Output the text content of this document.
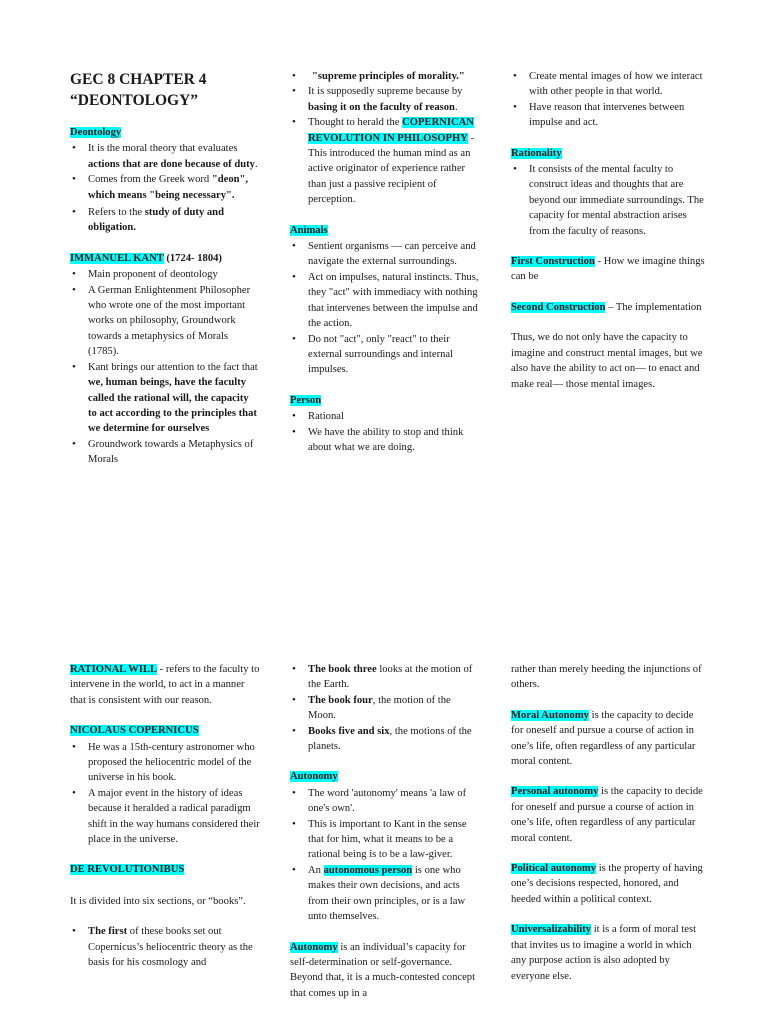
GEC 8 CHAPTER 4
“DEONTOLOGY”
Deontology
• It is the moral theory that evaluates actions that are done because of duty.
• Comes from the Greek word "deon", which means "being necessary".
• Refers to the study of duty and obligation.
IMMANUEL KANT (1724- 1804)
• Main proponent of deontology
• A German Enlightenment Philosopher who wrote one of the most important works on philosophy, Groundwork towards a metaphysics of Morals (1785).
• Kant brings our attention to the fact that we, human beings, have the faculty called the rational will, the capacity to act according to the principles that we determine for ourselves
• Groundwork towards a Metaphysics of Morals
• "supreme principles of morality."
• It is supposedly supreme because by basing it on the faculty of reason.
• Thought to herald the COPERNICAN REVOLUTION IN PHILOSOPHY - This introduced the human mind as an active originator of experience rather than just a passive recipient of perception.
Animals
• Sentient organisms — can perceive and navigate the external surroundings.
• Act on impulses, natural instincts. Thus, they "act" with immediacy with nothing that intervenes between the impulse and the action.
• Do not "act", only "react" to their external surroundings and internal impulses.
Person
• Rational
• We have the ability to stop and think about what we are doing.
• Create mental images of how we interact with other people in that world.
• Have reason that intervenes between impulse and act.
Rationality
• It consists of the mental faculty to construct ideas and thoughts that are beyond our immediate surroundings. The capacity for mental abstraction arises from the faculty of reasons.
First Construction - How we imagine things can be
Second Construction – The implementation
Thus, we do not only have the capacity to imagine and construct mental images, but we also have the ability to act on— to enact and make real— those mental images.
RATIONAL WILL - refers to the faculty to intervene in the world, to act in a manner that is consistent with our reason.
NICOLAUS COPERNICUS
• He was a 15th-century astronomer who proposed the heliocentric model of the universe in his book.
• A major event in the history of ideas because it heralded a radical paradigm shift in the way humans considered their place in the universe.
DE REVOLUTIONIBUS
It is divided into six sections, or “books”.
• The first of these books set out Copernicus’s heliocentric theory as the basis for his cosmology and
• The book three looks at the motion of the Earth.
• The book four, the motion of the Moon.
• Books five and six, the motions of the planets.
Autonomy
• The word 'autonomy' means 'a law of one's own'.
• This is important to Kant in the sense that for him, what it means to be a rational being is to be a law-giver.
• An autonomous person is one who makes their own decisions, and acts from their own principles, or is a law unto themselves.
Autonomy is an individual’s capacity for self-determination or self-governance. Beyond that, it is a much-contested concept that comes up in a
rather than merely heeding the injunctions of others.
Moral Autonomy is the capacity to decide for oneself and pursue a course of action in one’s life, often regardless of any particular moral content.
Personal autonomy is the capacity to decide for oneself and pursue a course of action in one’s life, often regardless of any particular moral content.
Political autonomy is the property of having one’s decisions respected, honored, and heeded within a political context.
Universalizability it is a form of moral test that invites us to imagine a world in which any purpose action is also adopted by everyone else.
